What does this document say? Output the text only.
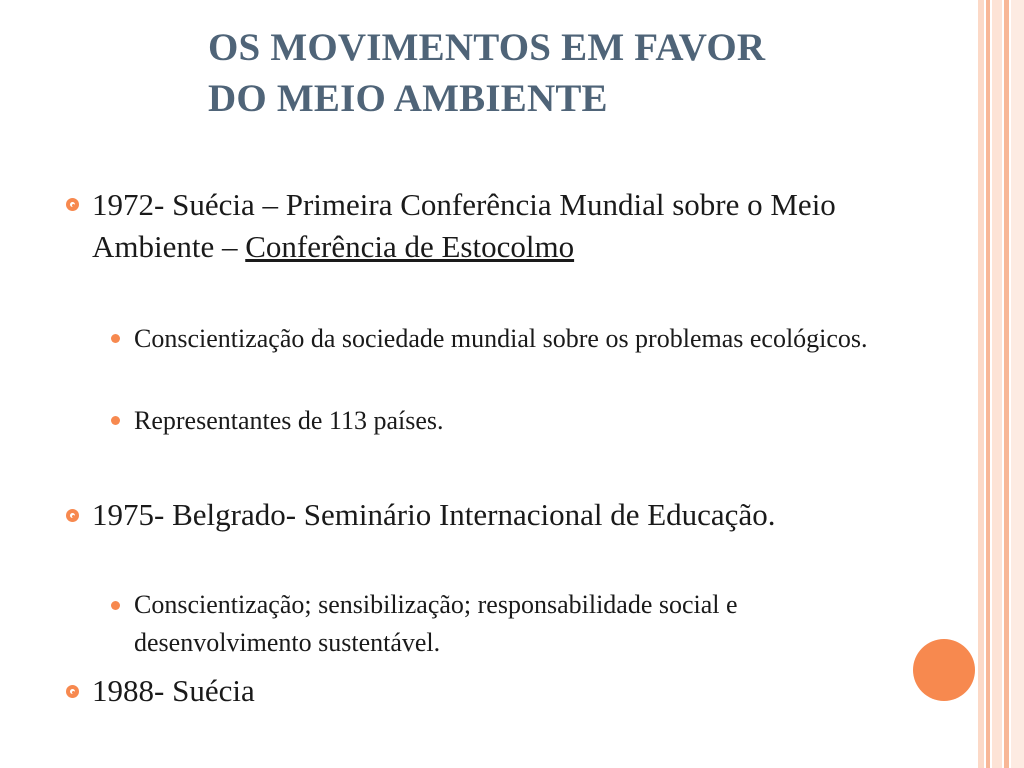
OS MOVIMENTOS EM FAVOR
DO MEIO AMBIENTE
1972- Suécia – Primeira Conferência Mundial sobre o Meio Ambiente – Conferência de Estocolmo
Conscientização da sociedade mundial sobre os problemas ecológicos.
Representantes de 113 países.
1975- Belgrado- Seminário Internacional de Educação.
Conscientização; sensibilização; responsabilidade social e desenvolvimento sustentável.
1988- Suécia
